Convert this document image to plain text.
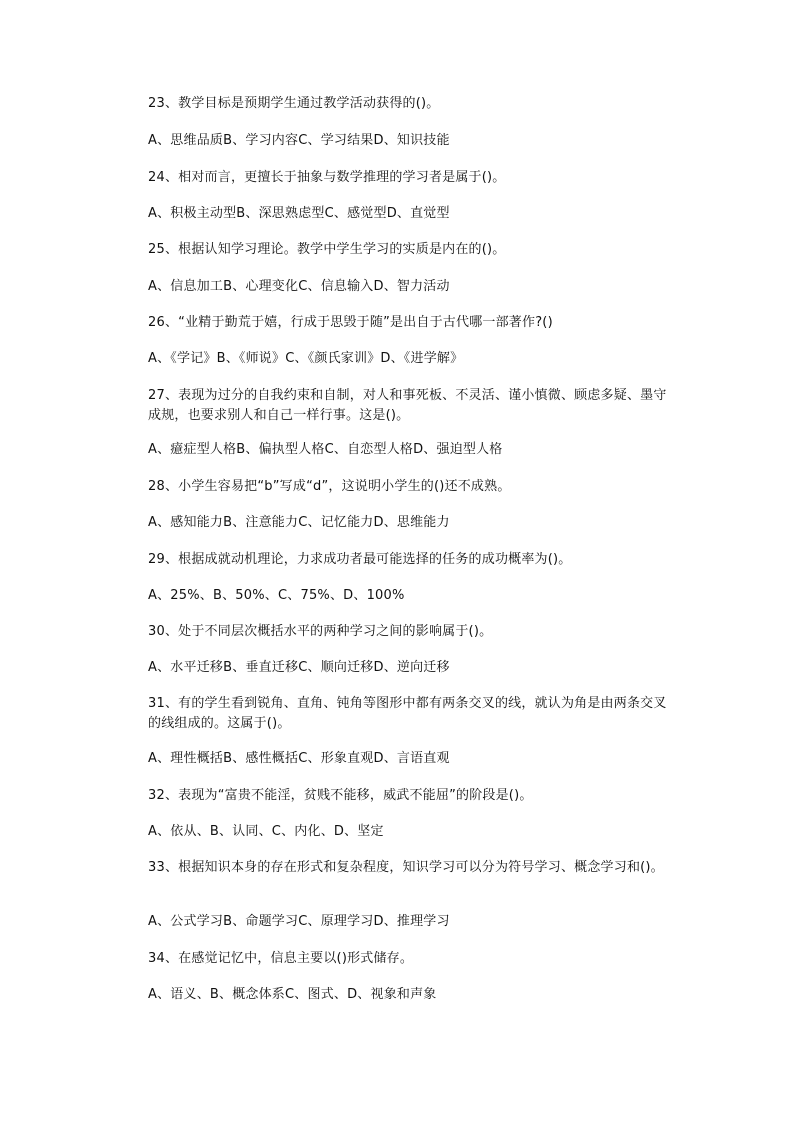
23、教学目标是预期学生通过教学活动获得的()。
A、思维品质B、学习内容C、学习结果D、知识技能
24、相对而言，更擅长于抽象与数学推理的学习者是属于()。
A、积极主动型B、深思熟虑型C、感觉型D、直觉型
25、根据认知学习理论。教学中学生学习的实质是内在的()。
A、信息加工B、心理变化C、信息输入D、智力活动
26、“业精于勤荒于嬉，行成于思毁于随”是出自于古代哪一部著作?()
A、《学记》B、《师说》C、《颜氏家训》D、《进学解》
27、表现为过分的自我约束和自制，对人和事死板、不灵活、谨小慎微、顾虑多疑、墨守成规，也要求别人和自己一样行事。这是()。
A、癔症型人格B、偏执型人格C、自恋型人格D、强迫型人格
28、小学生容易把“b”写成“d”，这说明小学生的()还不成熟。
A、感知能力B、注意能力C、记忆能力D、思维能力
29、根据成就动机理论，力求成功者最可能选择的任务的成功概率为()。
A、25%、B、50%、C、75%、D、100%
30、处于不同层次概括水平的两种学习之间的影响属于()。
A、水平迁移B、垂直迁移C、顺向迁移D、逆向迁移
31、有的学生看到锐角、直角、钝角等图形中都有两条交叉的线，就认为角是由两条交叉的线组成的。这属于()。
A、理性概括B、感性概括C、形象直观D、言语直观
32、表现为“富贵不能淫，贫贱不能移，威武不能屈”的阶段是()。
A、依从、B、认同、C、内化、D、坚定
33、根据知识本身的存在形式和复杂程度，知识学习可以分为符号学习、概念学习和()。
A、公式学习B、命题学习C、原理学习D、推理学习
34、在感觉记忆中，信息主要以()形式储存。
A、语义、B、概念体系C、图式、D、视象和声象
